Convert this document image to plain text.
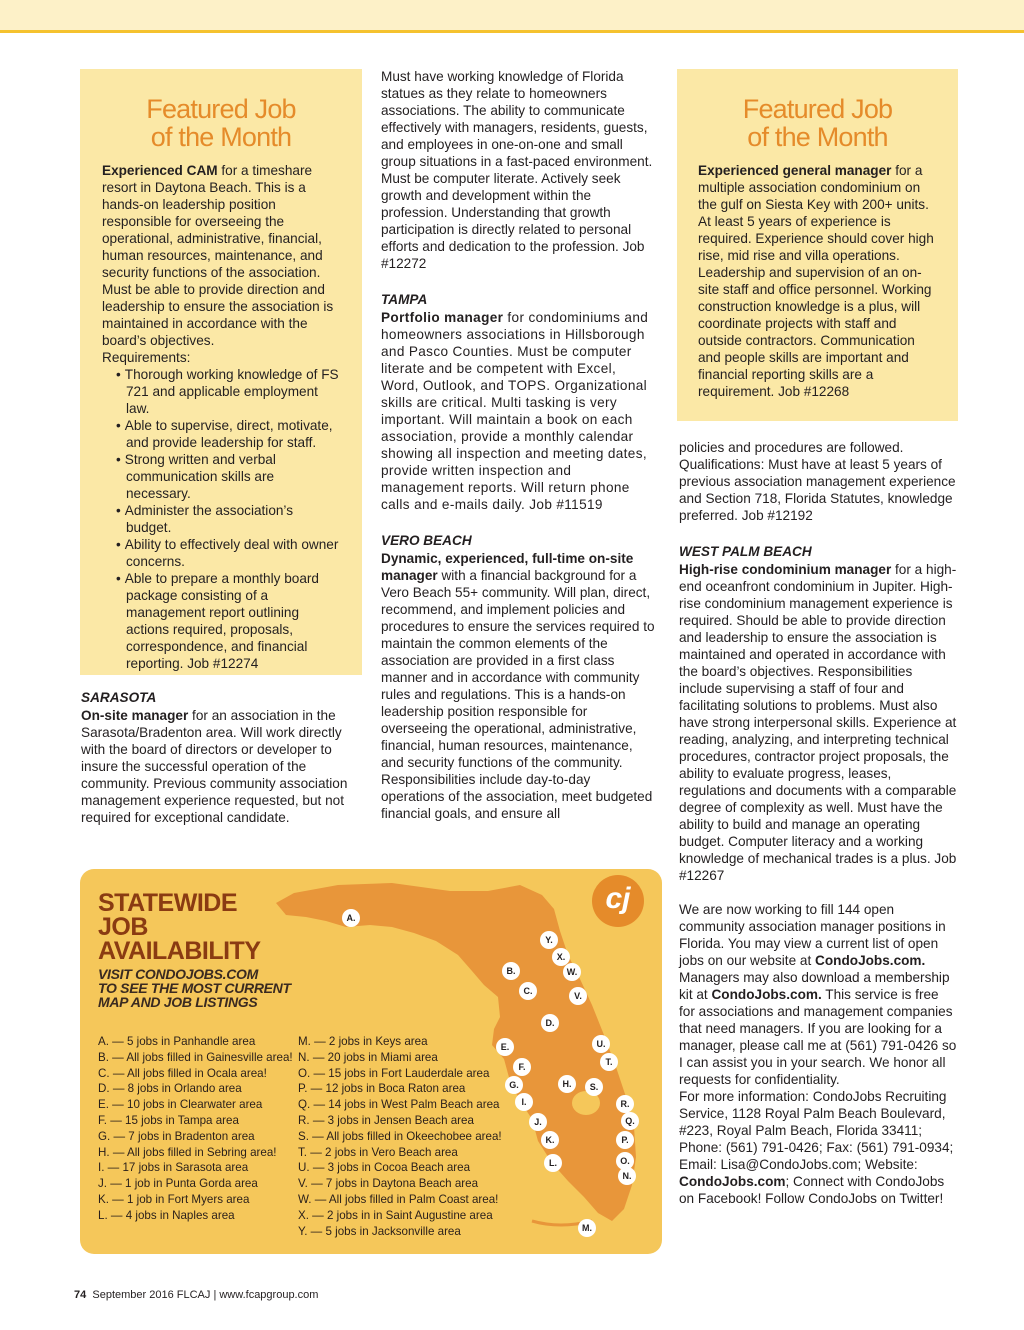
Featured Job
of the Month

Experienced CAM for a timeshare resort in Daytona Beach. This is a hands-on leadership position responsible for overseeing the operational, administrative, financial, human resources, maintenance, and security functions of the association. Must be able to provide direction and leadership to ensure the association is maintained in accordance with the board’s objectives.

Requirements:
• Thorough working knowledge of FS 721 and applicable employment law.
• Able to supervise, direct, motivate, and provide leadership for staff.
• Strong written and verbal communication skills are necessary.
• Administer the association’s budget.
• Ability to effectively deal with owner concerns.
• Able to prepare a monthly board package consisting of a management report outlining actions required, proposals, correspondence, and financial reporting. Job #12274

SARASOTA

On-site manager for an association in the Sarasota/Bradenton area. Will work directly with the board of directors or developer to insure the successful operation of the community. Previous community association management experience requested, but not required for exceptional candidate.

Must have working knowledge of Florida statues as they relate to homeowners associations. The ability to communicate effectively with managers, residents, guests, and employees in one-on-one and small group situations in a fast-paced environment. Must be computer literate. Actively seek growth and development within the profession. Understanding that growth participation is directly related to personal efforts and dedication to the profession. Job #12272

TAMPA

Portfolio manager for condominiums and homeowners associations in Hillsborough and Pasco Counties. Must be computer literate and be competent with Excel, Word, Outlook, and TOPS. Organizational skills are critical. Multi tasking is very important. Will maintain a book on each association, provide a monthly calendar showing all inspection and meeting dates, provide written inspection and management reports. Will return phone calls and e-mails daily. Job #11519

VERO BEACH

Dynamic, experienced, full-time on-site manager with a financial background for a Vero Beach 55+ community. Will plan, direct, recommend, and implement policies and procedures to ensure the services required to maintain the common elements of the association are provided in a first class manner and in accordance with community rules and regulations. This is a hands-on leadership position responsible for overseeing the operational, administrative, financial, human resources, maintenance, and security functions of the community. Responsibilities include day-to-day operations of the association, meet budgeted financial goals, and ensure all

Featured Job
of the Month

Experienced general manager for a multiple association condominium on the gulf on Siesta Key with 200+ units. At least 5 years of experience is required. Experience should cover high rise, mid rise and villa operations. Leadership and supervision of an on-site staff and office personnel. Working construction knowledge is a plus, will coordinate projects with staff and outside contractors. Communication and people skills are important and financial reporting skills are a requirement. Job #12268

policies and procedures are followed. Qualifications: Must have at least 5 years of previous association management experience and Section 718, Florida Statutes, knowledge preferred. Job #12192

WEST PALM BEACH

High-rise condominium manager for a high-end oceanfront condominium in Jupiter. High-rise condominium management experience is required. Should be able to provide direction and leadership to ensure the association is maintained and operated in accordance with the board’s objectives. Responsibilities include supervising a staff of four and facilitating solutions to problems. Must also have strong interpersonal skills. Experience at reading, analyzing, and interpreting technical procedures, contractor project proposals, the ability to evaluate progress, leases, regulations and documents with a comparable degree of complexity as well. Must have the ability to build and manage an operating budget. Computer literacy and a working knowledge of mechanical trades is a plus. Job #12267

We are now working to fill 144 open community association manager positions in Florida. You may view a current list of open jobs on our website at CondoJobs.com. Managers may also download a membership kit at CondoJobs.com. This service is free for associations and management companies that need managers. If you are looking for a manager, please call me at (561) 791-0426 so I can assist you in your search. We honor all requests for confidentiality.

For more information: CondoJobs Recruiting Service, 1128 Royal Palm Beach Boulevard, #223, Royal Palm Beach, Florida 33411; Phone: (561) 791-0426; Fax: (561) 791-0934; Email: Lisa@CondoJobs.com; Website: CondoJobs.com; Connect with CondoJobs on Facebook! Follow CondoJobs on Twitter!

STATEWIDE
JOB
AVAILABILITY
VISIT CONDOJOBS.COM
TO SEE THE MOST CURRENT
MAP AND JOB LISTINGS
cj
A. — 5 jobs in Panhandle area
B. — All jobs filled in Gainesville area!
C. — All jobs filled in Ocala area!
D. — 8 jobs in Orlando area
E. — 10 jobs in Clearwater area
F. — 15 jobs in Tampa area
G. — 7 jobs in Bradenton area
H. — All jobs filled in Sebring area!
I. — 17 jobs in Sarasota area
J. — 1 job in Punta Gorda area
K. — 1 job in Fort Myers area
L. — 4 jobs in Naples area
M. — 2 jobs in Keys area
N. — 20 jobs in Miami area
O. — 15 jobs in Fort Lauderdale area
P. — 12 jobs in Boca Raton area
Q. — 14 jobs in West Palm Beach area
R. — 3 jobs in Jensen Beach area
S. — All jobs filled in Okeechobee area!
T. — 2 jobs in Vero Beach area
U. — 3 jobs in Cocoa Beach area
V. — 7 jobs in Daytona Beach area
W. — All jobs filled in Palm Coast area!
X. — 2 jobs in in Saint Augustine area
Y. — 5 jobs in Jacksonville area
A.
B.
C.
D.
E.
F.
G.	H.
I.
J.
K.
L.
M.
N.
O.
P.
Q.
R.
S.
T.
U.
V.
W.
X.
Y.
74 September 2016 FLCAJ | www.fcapgroup.com
